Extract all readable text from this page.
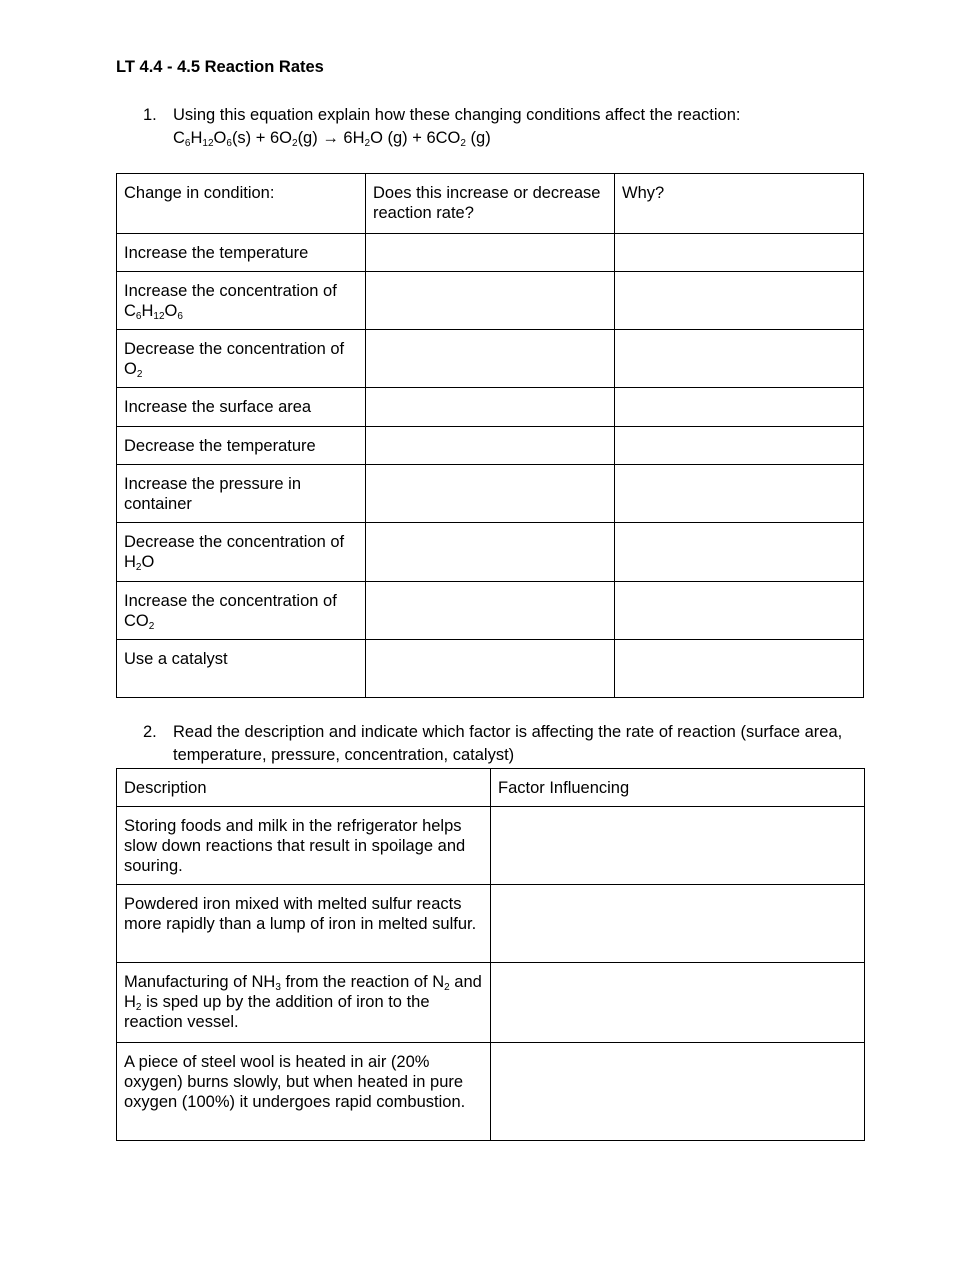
LT 4.4 - 4.5 Reaction Rates
1. Using this equation explain how these changing conditions affect the reaction:
$C_6H_{12}O_6(s) + 6O_2(g) \to 6H_2O$ $(g) + 6CO_2$ (g)
Change in condition:	Does this increase or decrease reaction rate?	Why?
Increase the temperature		
Increase the concentration of $C_6H_{12}O_6$		
Decrease the concentration of $O_2$		
Increase the surface area		
Decrease the temperature		
Increase the pressure in container		
Decrease the concentration of $H_2O$		
Increase the concentration of $CO_2$		
Use a catalyst		
2. Read the description and indicate which factor is affecting the rate of reaction (surface area, temperature, pressure, concentration, catalyst)
Description	Factor Influencing
Storing foods and milk in the refrigerator helps slow down reactions that result in spoilage and souring.	
Powdered iron mixed with melted sulfur reacts more rapidly than a lump of iron in melted sulfur.	
Manufacturing of $NH_3$ from the reaction of $N_2$ and $H_2$ is sped up by the addition of iron to the reaction vessel.	
A piece of steel wool is heated in air (20% oxygen) burns slowly, but when heated in pure oxygen (100%) it undergoes rapid combustion.	
